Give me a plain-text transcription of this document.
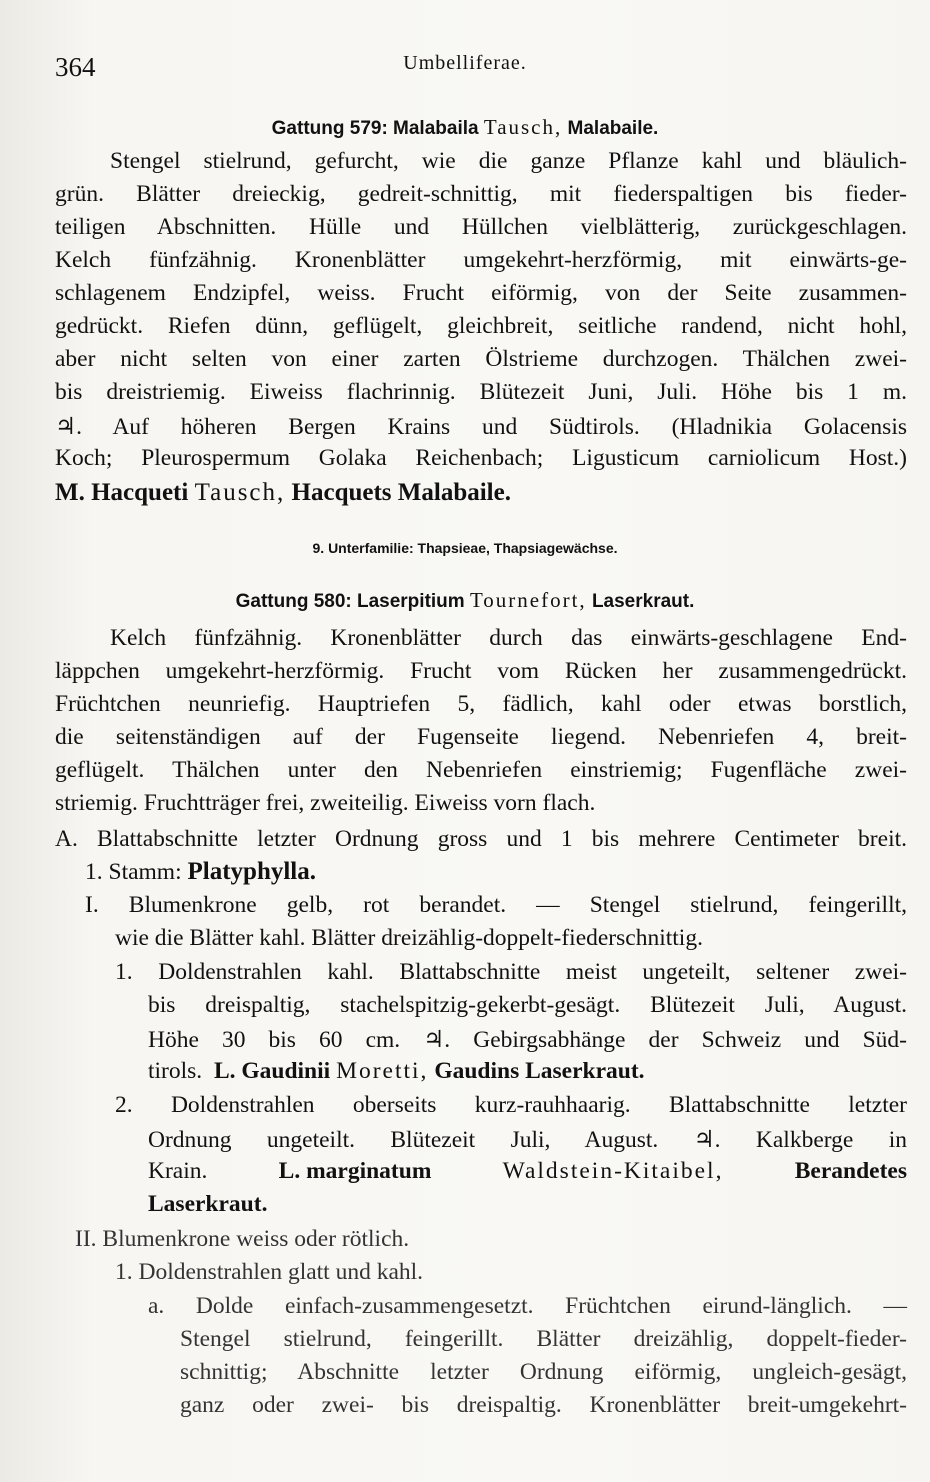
364	Umbelliferae.
Gattung 579: Malabaila Tausch, Malabaile.
Stengel stielrund, gefurcht, wie die ganze Pflanze kahl und bläulich-
grün. Blätter dreieckig, gedreit-schnittig, mit fiederspaltigen bis fieder-
teiligen Abschnitten. Hülle und Hüllchen vielblätterig, zurückgeschlagen.
Kelch fünfzähnig. Kronenblätter umgekehrt-herzförmig, mit einwärts-ge-
schlagenem Endzipfel, weiss. Frucht eiförmig, von der Seite zusammen-
gedrückt. Riefen dünn, geflügelt, gleichbreit, seitliche randend, nicht hohl,
aber nicht selten von einer zarten Ölstrieme durchzogen. Thälchen zwei-
bis dreistriemig. Eiweiss flachrinnig. Blütezeit Juni, Juli. Höhe bis 1 m.
♃. Auf höheren Bergen Krains und Südtirols. (Hladnikia Golacensis
Koch; Pleurospermum Golaka Reichenbach; Ligusticum carniolicum Host.)
M. Hacqueti Tausch, Hacquets Malabaile.
9. Unterfamilie: Thapsieae, Thapsiagewächse.
Gattung 580: Laserpitium Tournefort, Laserkraut.
Kelch fünfzähnig. Kronenblätter durch das einwärts-geschlagene End-
läppchen umgekehrt-herzförmig. Frucht vom Rücken her zusammengedrückt.
Früchtchen neunriefig. Hauptriefen 5, fädlich, kahl oder etwas borstlich,
die seitenständigen auf der Fugenseite liegend. Nebenriefen 4, breit-
geflügelt. Thälchen unter den Nebenriefen einstriemig; Fugenfläche zwei-
striemig. Fruchtträger frei, zweiteilig. Eiweiss vorn flach.
A. Blattabschnitte letzter Ordnung gross und 1 bis mehrere Centimeter breit.
1. Stamm: Platyphylla.
I. Blumenkrone gelb, rot berandet. — Stengel stielrund, feingerillt,
wie die Blätter kahl. Blätter dreizählig-doppelt-fiederschnittig.
1. Doldenstrahlen kahl. Blattabschnitte meist ungeteilt, seltener zwei-
bis dreispaltig, stachelspitzig-gekerbt-gesägt. Blütezeit Juli, August.
Höhe 30 bis 60 cm. ♃. Gebirgsabhänge der Schweiz und Süd-
tirols. L. Gaudinii Moretti, Gaudins Laserkraut.
2. Doldenstrahlen oberseits kurz-rauhhaarig. Blattabschnitte letzter
Ordnung ungeteilt. Blütezeit Juli, August. ♃. Kalkberge in
Krain.	L. marginatum	Waldstein-Kitaibel,	Berandetes
Laserkraut.
II. Blumenkrone weiss oder rötlich.
1. Doldenstrahlen glatt und kahl.
a. Dolde einfach-zusammengesetzt. Früchtchen eirund-länglich. —
Stengel stielrund, feingerillt. Blätter dreizählig, doppelt-fieder-
schnittig; Abschnitte letzter Ordnung eiförmig, ungleich-gesägt,
ganz oder zwei- bis dreispaltig. Kronenblätter breit-umgekehrt-
